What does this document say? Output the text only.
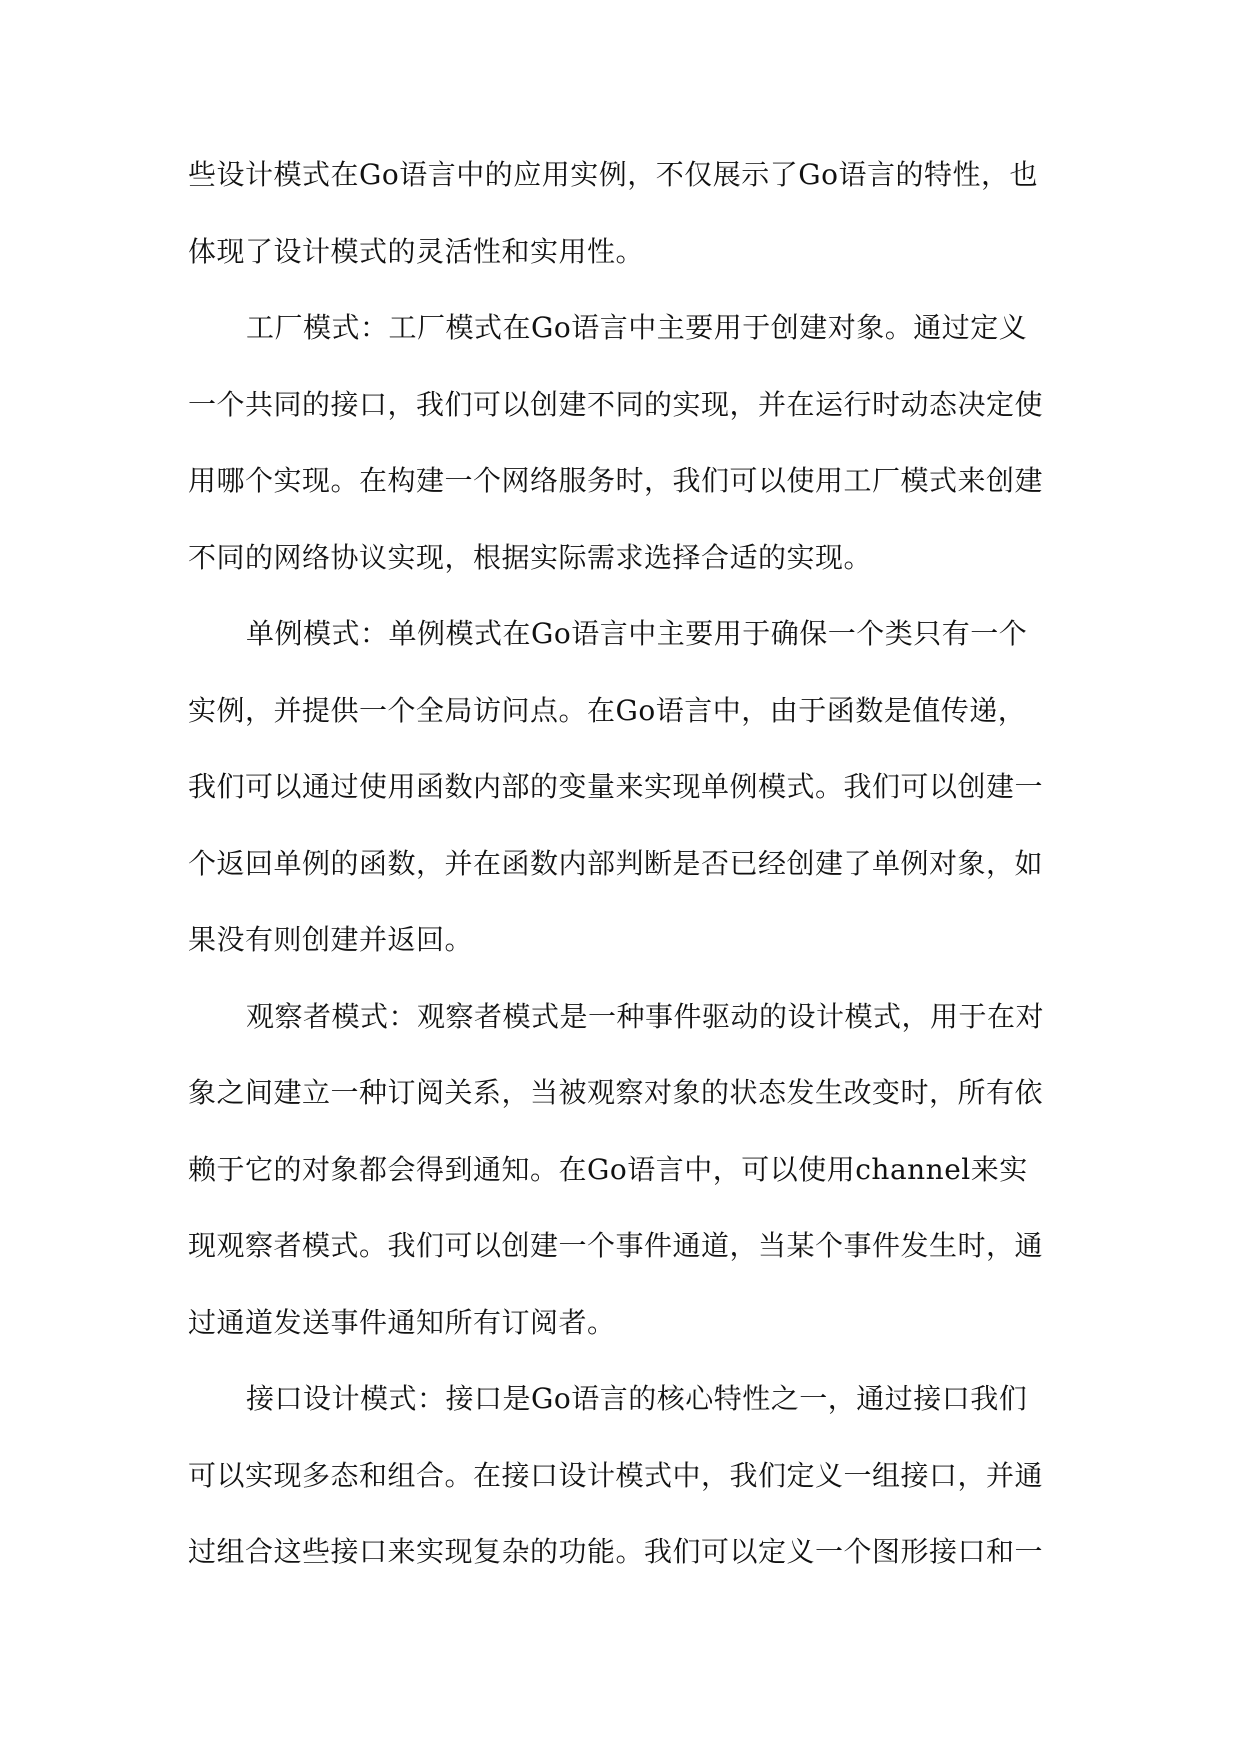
些设计模式在Go语言中的应用实例，不仅展示了Go语言的特性，也
体现了设计模式的灵活性和实用性。
工厂模式：工厂模式在Go语言中主要用于创建对象。通过定义
一个共同的接口，我们可以创建不同的实现，并在运行时动态决定使
用哪个实现。在构建一个网络服务时，我们可以使用工厂模式来创建
不同的网络协议实现，根据实际需求选择合适的实现。
单例模式：单例模式在Go语言中主要用于确保一个类只有一个
实例，并提供一个全局访问点。在Go语言中，由于函数是值传递，
我们可以通过使用函数内部的变量来实现单例模式。我们可以创建一
个返回单例的函数，并在函数内部判断是否已经创建了单例对象，如
果没有则创建并返回。
观察者模式：观察者模式是一种事件驱动的设计模式，用于在对
象之间建立一种订阅关系，当被观察对象的状态发生改变时，所有依
赖于它的对象都会得到通知。在Go语言中，可以使用channel来实
现观察者模式。我们可以创建一个事件通道，当某个事件发生时，通
过通道发送事件通知所有订阅者。
接口设计模式：接口是Go语言的核心特性之一，通过接口我们
可以实现多态和组合。在接口设计模式中，我们定义一组接口，并通
过组合这些接口来实现复杂的功能。我们可以定义一个图形接口和一
